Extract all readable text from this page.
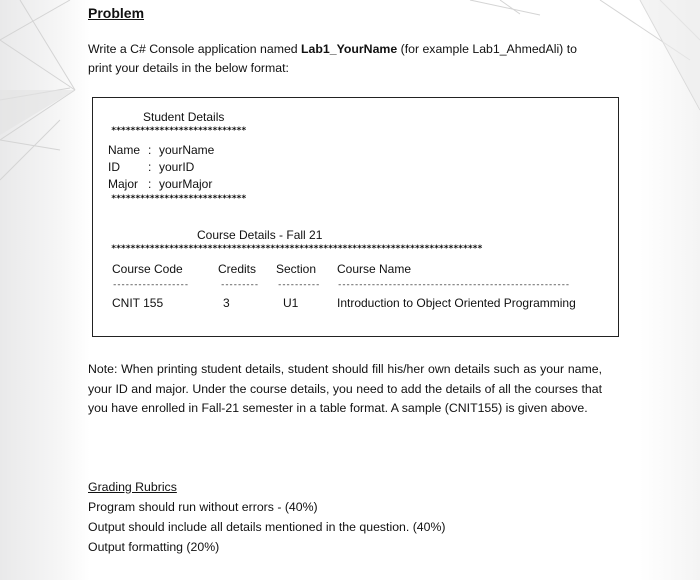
Problem
Write a C# Console application named Lab1_YourName (for example Lab1_AhmedAli) to
print your details in the below format:
Student Details
****************************
Name : yourName
ID : yourID
Major : yourMajor
****************************
Course Details - Fall 21
*****************************************************************************
Course Code	Credits Section Course Name
------------------	--------- ---------- -------------------------------------------------------
CNIT 155	3	U1	Introduction to Object Oriented Programming
Note: When printing student details, student should fill his/her own details such as your name, your ID and major. Under the course details, you need to add the details of all the courses that you have enrolled in Fall-21 semester in a table format. A sample (CNIT155) is given above.
Grading Rubrics
Program should run without errors - (40%)
Output should include all details mentioned in the question. (40%)
Output formatting (20%)
